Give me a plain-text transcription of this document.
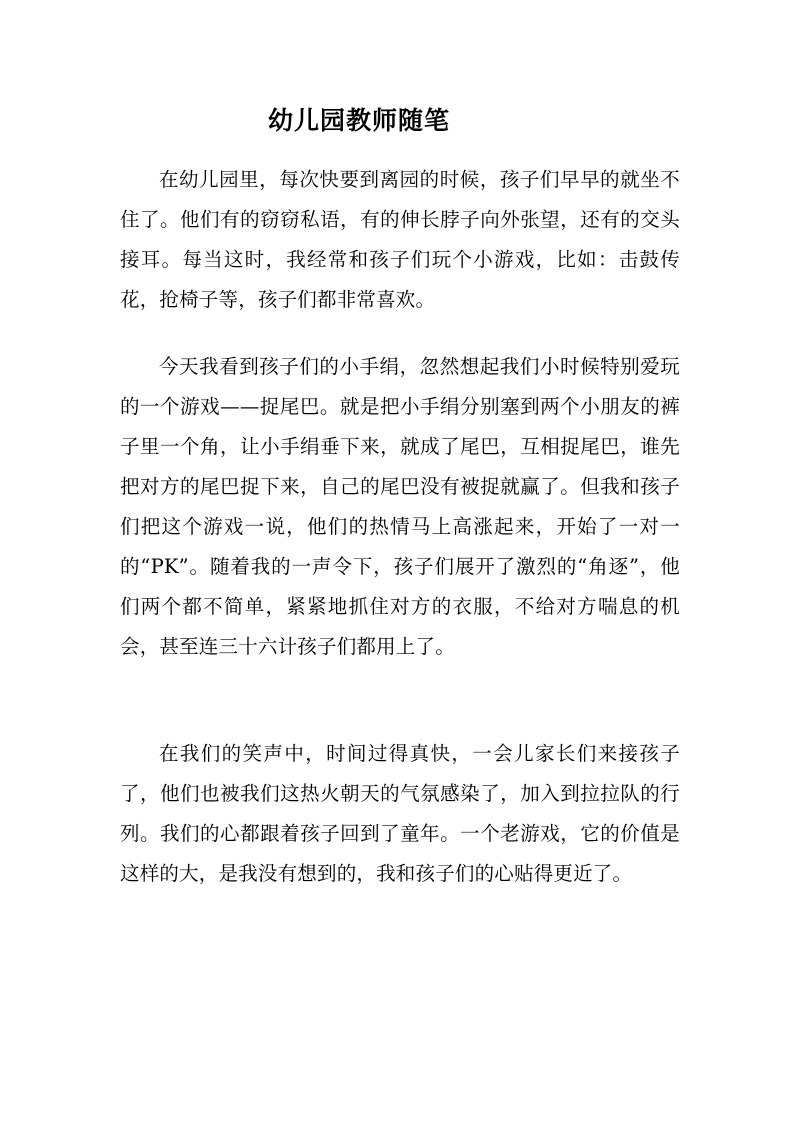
幼儿园教师随笔

在幼儿园里，每次快要到离园的时候，孩子们早早的就坐不住了。他们有的窃窃私语，有的伸长脖子向外张望，还有的交头接耳。每当这时，我经常和孩子们玩个小游戏，比如：击鼓传花，抢椅子等，孩子们都非常喜欢。

今天我看到孩子们的小手绢，忽然想起我们小时候特别爱玩的一个游戏——捉尾巴。就是把小手绢分别塞到两个小朋友的裤子里一个角，让小手绢垂下来，就成了尾巴，互相捉尾巴，谁先把对方的尾巴捉下来，自己的尾巴没有被捉就赢了。但我和孩子们把这个游戏一说，他们的热情马上高涨起来，开始了一对一的“PK”。随着我的一声令下，孩子们展开了激烈的“角逐”，他们两个都不简单，紧紧地抓住对方的衣服，不给对方喘息的机会，甚至连三十六计孩子们都用上了。

在我们的笑声中，时间过得真快，一会儿家长们来接孩子了，他们也被我们这热火朝天的气氛感染了，加入到拉拉队的行列。我们的心都跟着孩子回到了童年。一个老游戏，它的价值是这样的大，是我没有想到的，我和孩子们的心贴得更近了。
